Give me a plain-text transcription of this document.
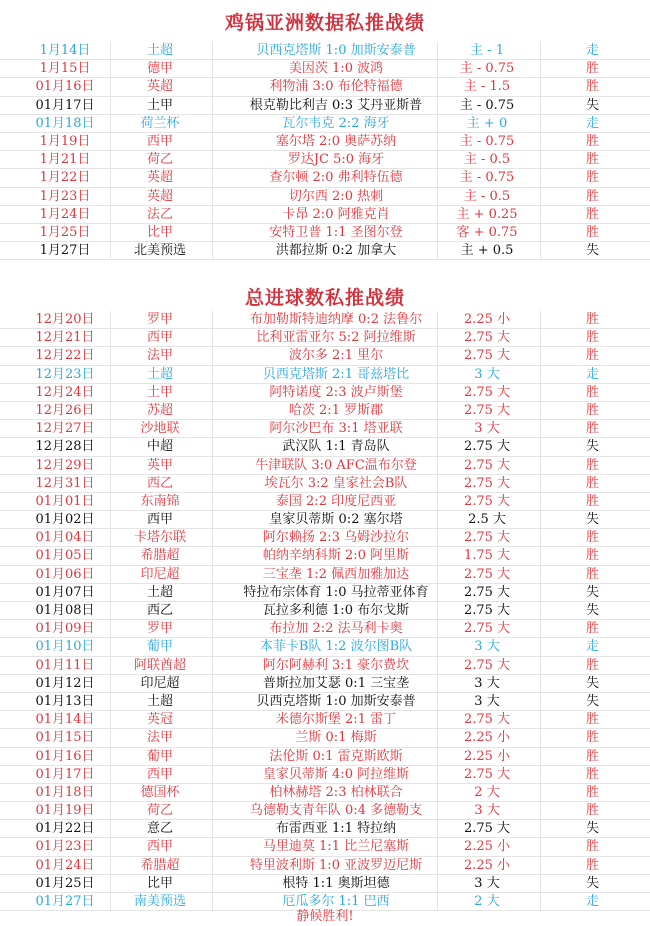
鸡锅亚洲数据私推战绩
1月14日	土超	贝西克塔斯 1:0 加斯安泰普	主 - 1	走
1月15日	德甲	美因茨 1:0 波鸿	主 - 0.75	胜
01月16日	英超	利物浦 3:0 布伦特福德	主 - 1.5	胜
01月17日	土甲	根克勒比利吉 0:3 艾丹亚斯普	主 - 0.75	失
01月18日	荷兰杯	瓦尔韦克 2:2 海牙	主 + 0	走
1月19日	西甲	塞尔塔 2:0 奥萨苏纳	主 - 0.75	胜
1月21日	荷乙	罗达JC 5:0 海牙	主 - 0.5	胜
1月22日	英超	查尔顿 2:0 弗利特伍德	主 - 0.75	胜
1月23日	英超	切尔西 2:0 热刺	主 - 0.5	胜
1月24日	法乙	卡昂 2:0 阿雅克肖	主 + 0.25	胜
1月25日	比甲	安特卫普 1:1 圣图尔登	客 + 0.75	胜
1月27日	北美预选	洪都拉斯 0:2 加拿大	主 + 0.5	失
总进球数私推战绩
12月20日	罗甲	布加勒斯特迪纳摩 0:2 法鲁尔	2.25 小	胜
12月21日	西甲	比利亚雷亚尔 5:2 阿拉维斯	2.75 大	胜
12月22日	法甲	波尔多 2:1 里尔	2.75 大	胜
12月23日	土超	贝西克塔斯 2:1 哥兹塔比	3 大	走
12月24日	土甲	阿特诺度 2:3 波卢斯堡	2.75 大	胜
12月26日	苏超	哈茨 2:1 罗斯郡	2.75 大	胜
12月27日	沙地联	阿尔沙巴布 3:1 塔亚联	3 大	胜
12月28日	中超	武汉队 1:1 青岛队	2.75 大	失
12月29日	英甲	牛津联队 3:0 AFC温布尔登	2.75 大	胜
12月31日	西乙	埃瓦尔 3:2 皇家社会B队	2.75 大	胜
01月01日	东南锦	泰国 2:2 印度尼西亚	2.75 大	胜
01月02日	西甲	皇家贝蒂斯 0:2 塞尔塔	2.5 大	失
01月04日	卡塔尔联	阿尔赖扬 2:3 乌姆沙拉尔	2.75 大	胜
01月05日	希腊超	帕纳辛纳科斯 2:0 阿里斯	1.75 大	胜
01月06日	印尼超	三宝垄 1:2 佩西加雅加达	2.75 大	胜
01月07日	土超	特拉布宗体育 1:0 马拉蒂亚体育	2.75 大	失
01月08日	西乙	瓦拉多利德 1:0 布尔戈斯	2.75 大	失
01月09日	罗甲	布拉加 2:2 法马利卡奥	2.75 大	胜
01月10日	葡甲	本菲卡B队 1:2 波尔图B队	3 大	走
01月11日	阿联酋超	阿尔阿赫利 3:1 豪尔费坎	2.75 大	胜
01月12日	印尼超	普斯拉加艾瑟 0:1 三宝垄	3 大	失
01月13日	土超	贝西克塔斯 1:0 加斯安泰普	3 大	失
01月14日	英冠	米德尔斯堡 2:1 雷丁	2.75 大	胜
01月15日	法甲	兰斯 0:1 梅斯	2.25 小	胜
01月16日	葡甲	法伦斯 0:1 雷克斯欧斯	2.25 小	胜
01月17日	西甲	皇家贝蒂斯 4:0 阿拉维斯	2.75 大	胜
01月18日	德国杯	柏林赫塔 2:3 柏林联合	2 大	胜
01月19日	荷乙	乌德勒支青年队 0:4 多德勒支	3 大	胜
01月22日	意乙	布雷西亚 1:1 特拉纳	2.75 大	失
01月23日	西甲	马里迪莫 1:1 比兰尼塞斯	2.25 小	胜
01月24日	希腊超	特里波利斯 1:0 亚波罗迈尼斯	2.25 小	胜
01月25日	比甲	根特 1:1 奥斯坦德	3 大	失
01月27日	南美预选	厄瓜多尔 1:1 巴西	2 大	走
静候胜利!
